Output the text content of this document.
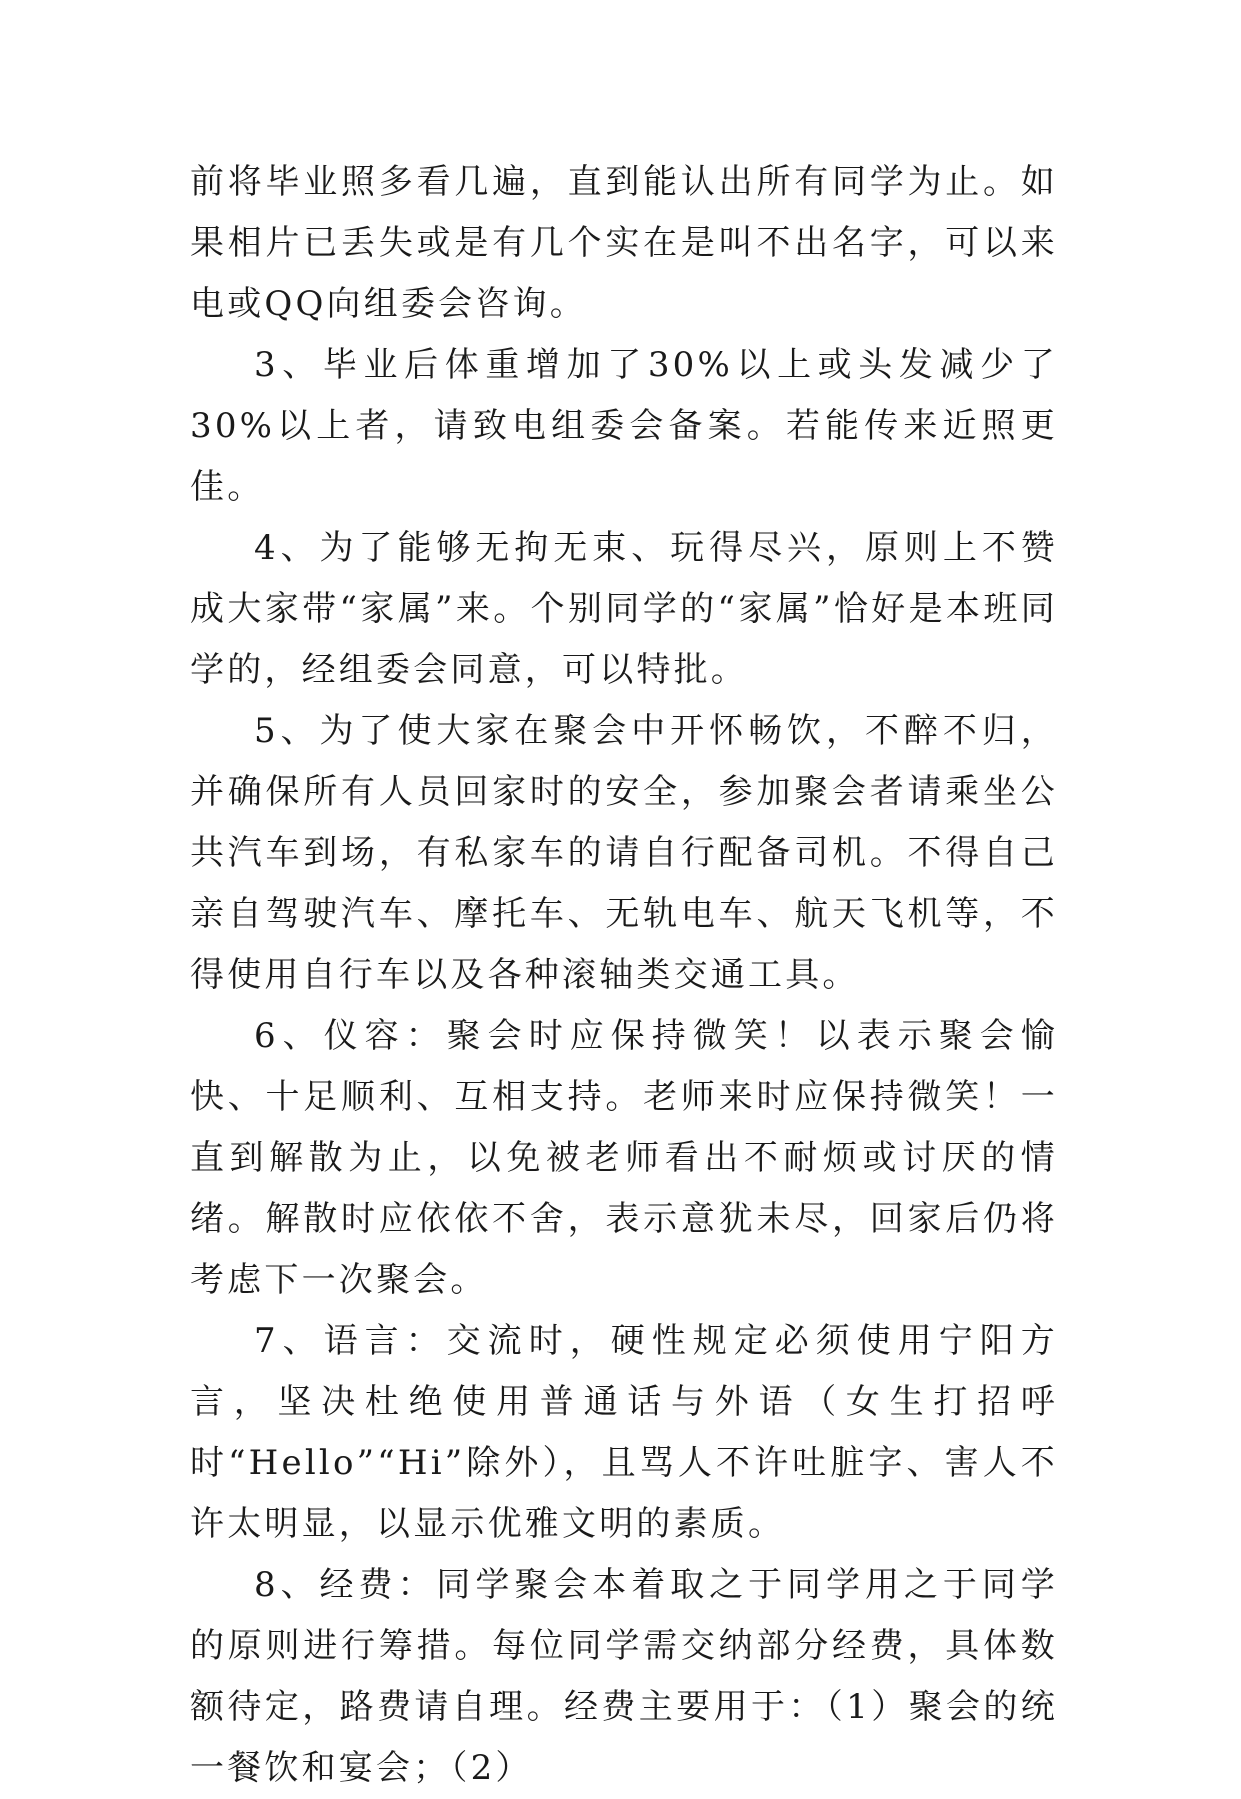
前将毕业照多看几遍，直到能认出所有同学为止。如果相片已丢失或是有几个实在是叫不出名字，可以来电或QQ向组委会咨询。

3、毕业后体重增加了30%以上或头发减少了30%以上者，请致电组委会备案。若能传来近照更佳。

4、为了能够无拘无束、玩得尽兴，原则上不赞成大家带“家属”来。个别同学的“家属”恰好是本班同学的，经组委会同意，可以特批。

5、为了使大家在聚会中开怀畅饮，不醉不归，并确保所有人员回家时的安全，参加聚会者请乘坐公共汽车到场，有私家车的请自行配备司机。不得自己亲自驾驶汽车、摩托车、无轨电车、航天飞机等，不得使用自行车以及各种滚轴类交通工具。

6、仪容：聚会时应保持微笑！以表示聚会愉快、十足顺利、互相支持。老师来时应保持微笑！一直到解散为止，以免被老师看出不耐烦或讨厌的情绪。解散时应依依不舍，表示意犹未尽，回家后仍将考虑下一次聚会。

7、语言：交流时，硬性规定必须使用宁阳方言，坚决杜绝使用普通话与外语（女生打招呼时“Hello”“Hi”除外），且骂人不许吐脏字、害人不许太明显，以显示优雅文明的素质。

8、经费：同学聚会本着取之于同学用之于同学的原则进行筹措。每位同学需交纳部分经费，具体数额待定，路费请自理。经费主要用于：（1）聚会的统一餐饮和宴会；（2）
